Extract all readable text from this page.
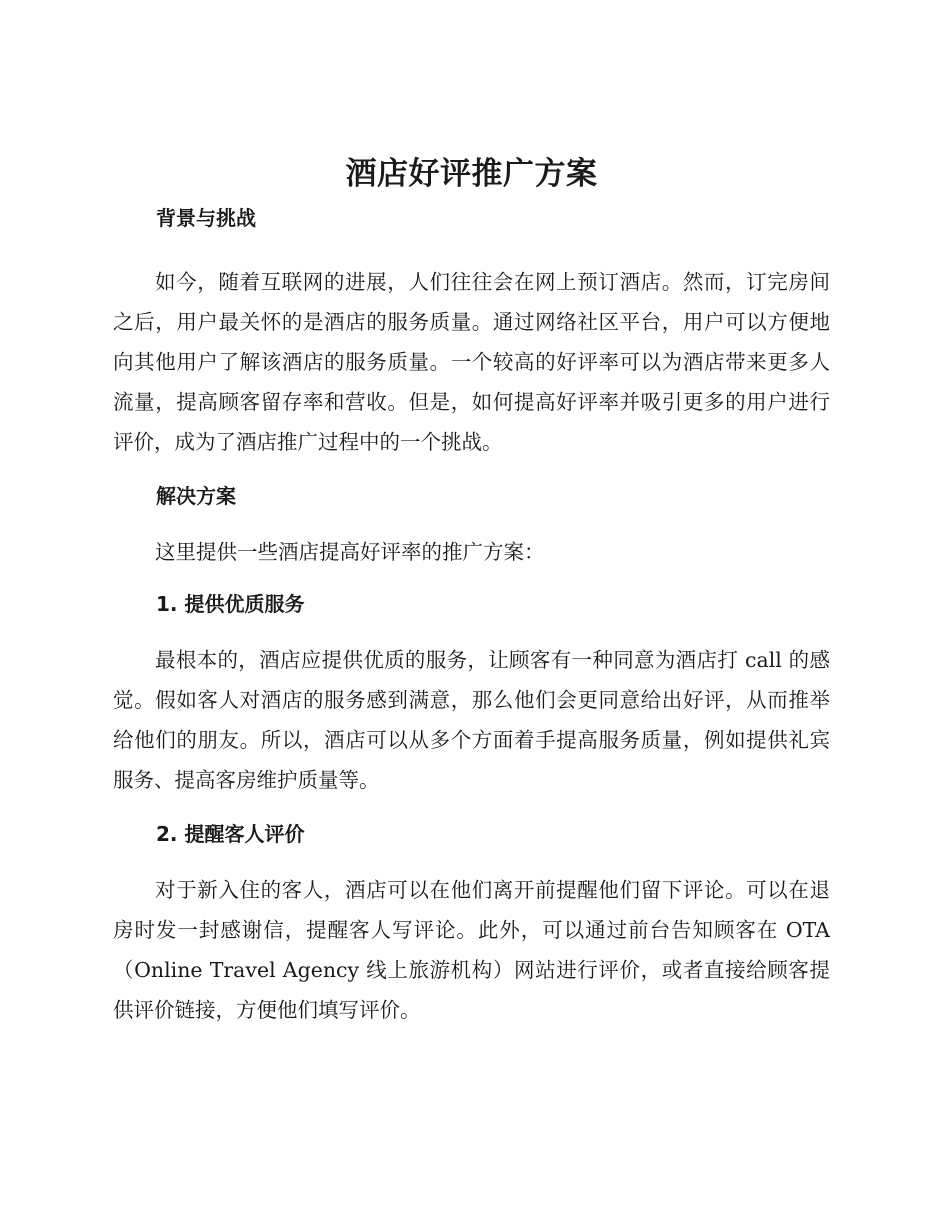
酒店好评推广方案
背景与挑战

如今，随着互联网的进展，人们往往会在网上预订酒店。然而，订完房间之后，用户最关怀的是酒店的服务质量。通过网络社区平台，用户可以方便地向其他用户了解该酒店的服务质量。一个较高的好评率可以为酒店带来更多人流量，提高顾客留存率和营收。但是，如何提高好评率并吸引更多的用户进行评价，成为了酒店推广过程中的一个挑战。

解决方案

这里提供一些酒店提高好评率的推广方案：

1. 提供优质服务

最根本的，酒店应提供优质的服务，让顾客有一种同意为酒店打 call 的感觉。假如客人对酒店的服务感到满意，那么他们会更同意给出好评，从而推举给他们的朋友。所以，酒店可以从多个方面着手提高服务质量，例如提供礼宾服务、提高客房维护质量等。

2. 提醒客人评价

对于新入住的客人，酒店可以在他们离开前提醒他们留下评论。可以在退房时发一封感谢信，提醒客人写评论。此外，可以通过前台告知顾客在 OTA（Online Travel Agency 线上旅游机构）网站进行评价，或者直接给顾客提供评价链接，方便他们填写评价。
